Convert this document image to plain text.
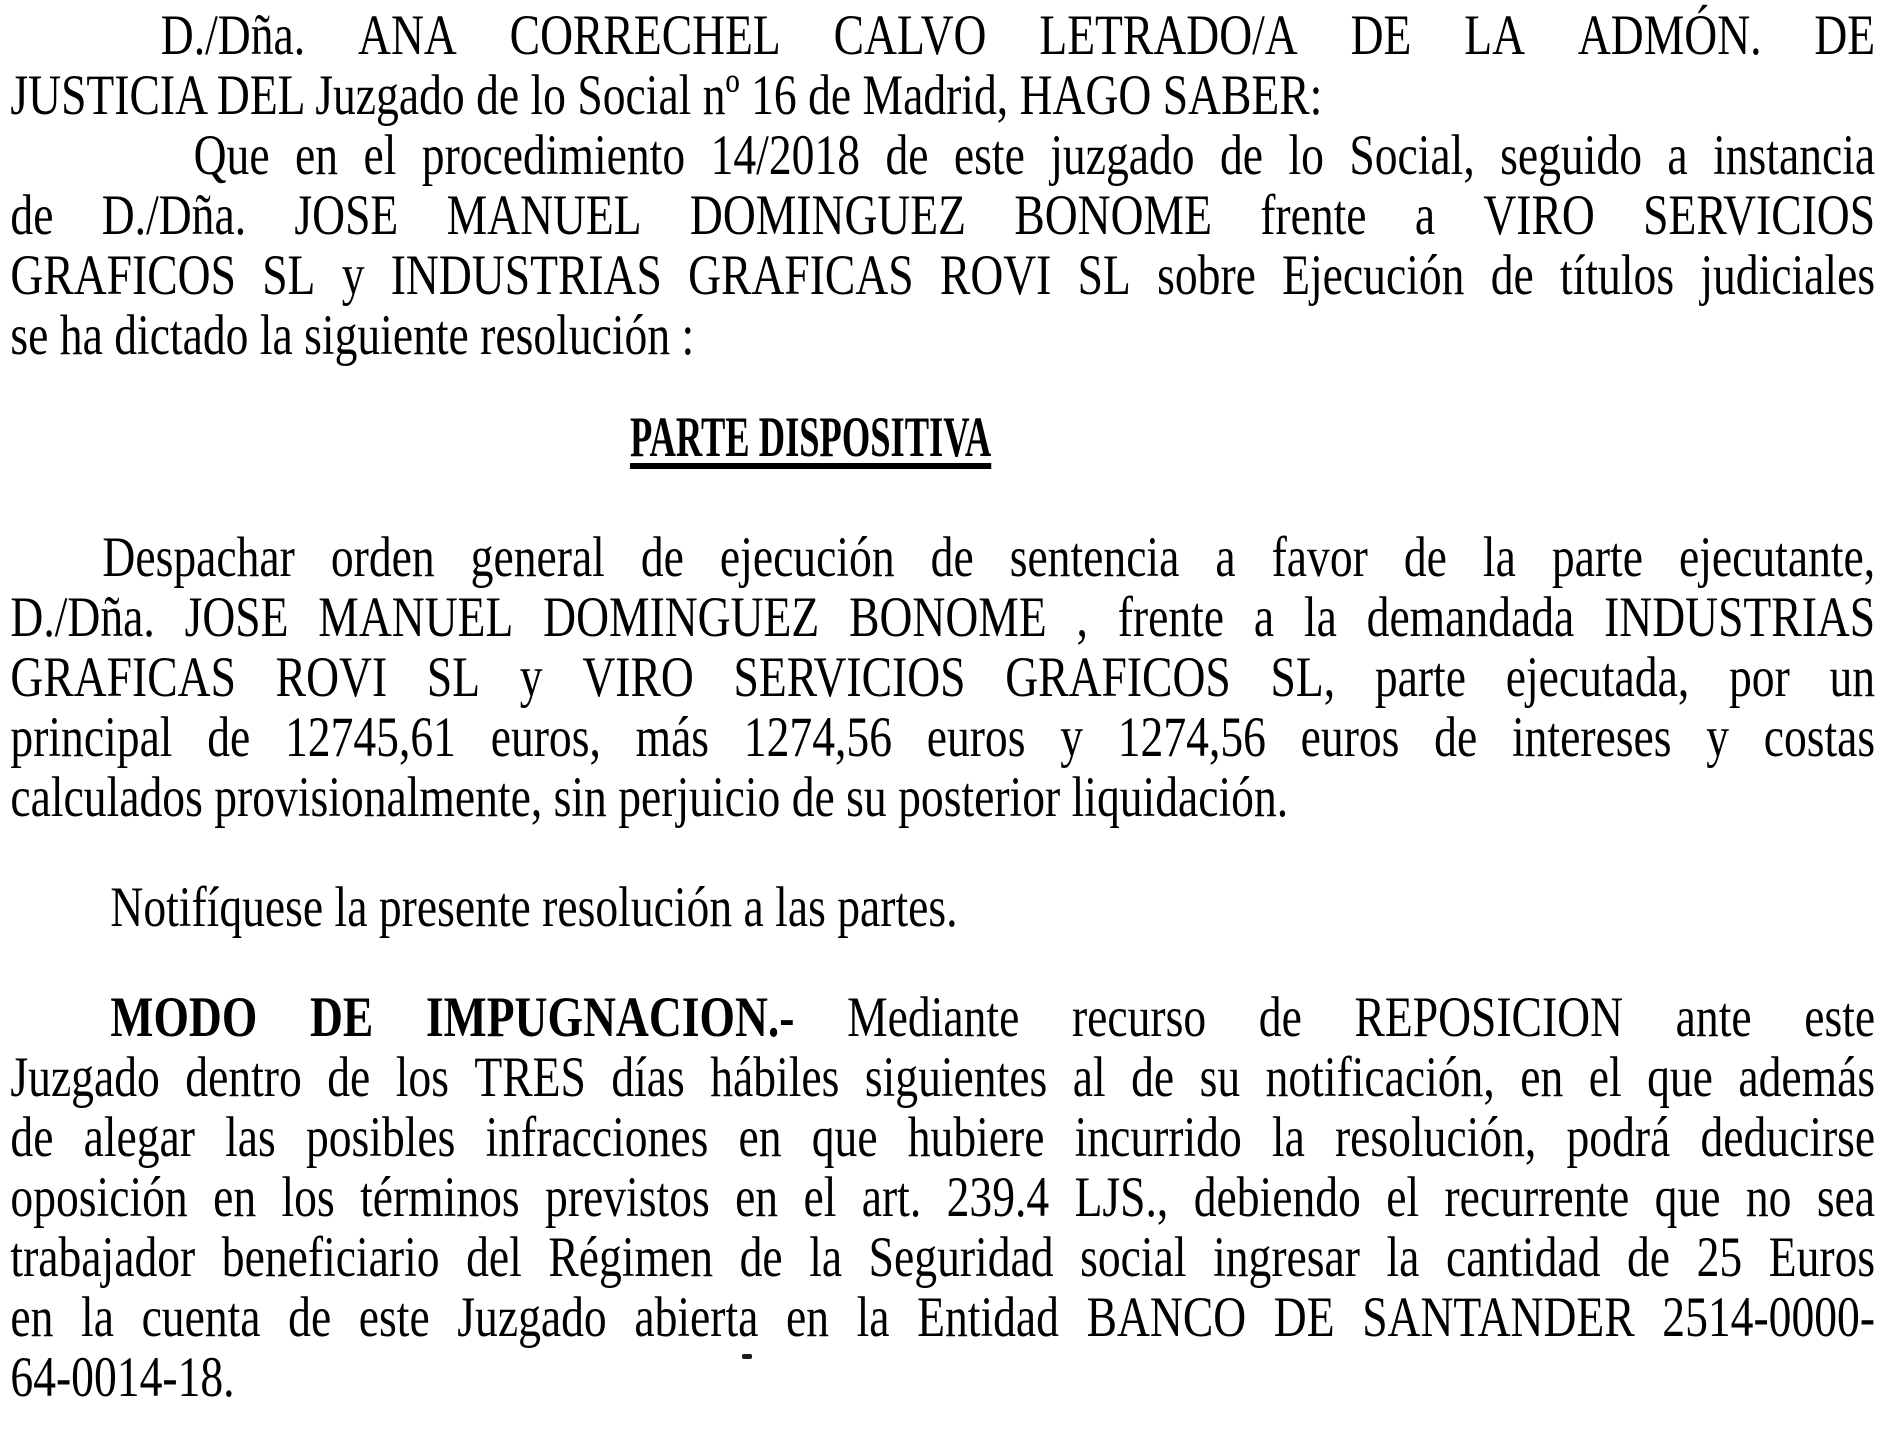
D./Dña. ANA CORRECHEL CALVO LETRADO/A DE LA ADMÓN. DE
JUSTICIA DEL Juzgado de lo Social nº 16 de Madrid, HAGO SABER:
Que en el procedimiento 14/2018 de este juzgado de lo Social, seguido a instancia
de D./Dña. JOSE MANUEL DOMINGUEZ BONOME frente a VIRO SERVICIOS
GRAFICOS SL y INDUSTRIAS GRAFICAS ROVI SL sobre Ejecución de títulos judiciales
se ha dictado la siguiente resolución :
PARTE DISPOSITIVA
Despachar orden general de ejecución de sentencia a favor de la parte ejecutante,
D./Dña. JOSE MANUEL DOMINGUEZ BONOME , frente a la demandada INDUSTRIAS
GRAFICAS ROVI SL y VIRO SERVICIOS GRAFICOS SL, parte ejecutada, por un
principal de 12745,61 euros, más 1274,56 euros y 1274,56 euros de intereses y costas
calculados provisionalmente, sin perjuicio de su posterior liquidación.
Notifíquese la presente resolución a las partes.
MODO DE IMPUGNACION.- Mediante recurso de REPOSICION ante este
Juzgado dentro de los TRES días hábiles siguientes al de su notificación, en el que además
de alegar las posibles infracciones en que hubiere incurrido la resolución, podrá deducirse
oposición en los términos previstos en el art. 239.4 LJS., debiendo el recurrente que no sea
trabajador beneficiario del Régimen de la Seguridad social ingresar la cantidad de 25 Euros
en la cuenta de este Juzgado abierta en la Entidad BANCO DE SANTANDER 2514-0000-
64-0014-18.
